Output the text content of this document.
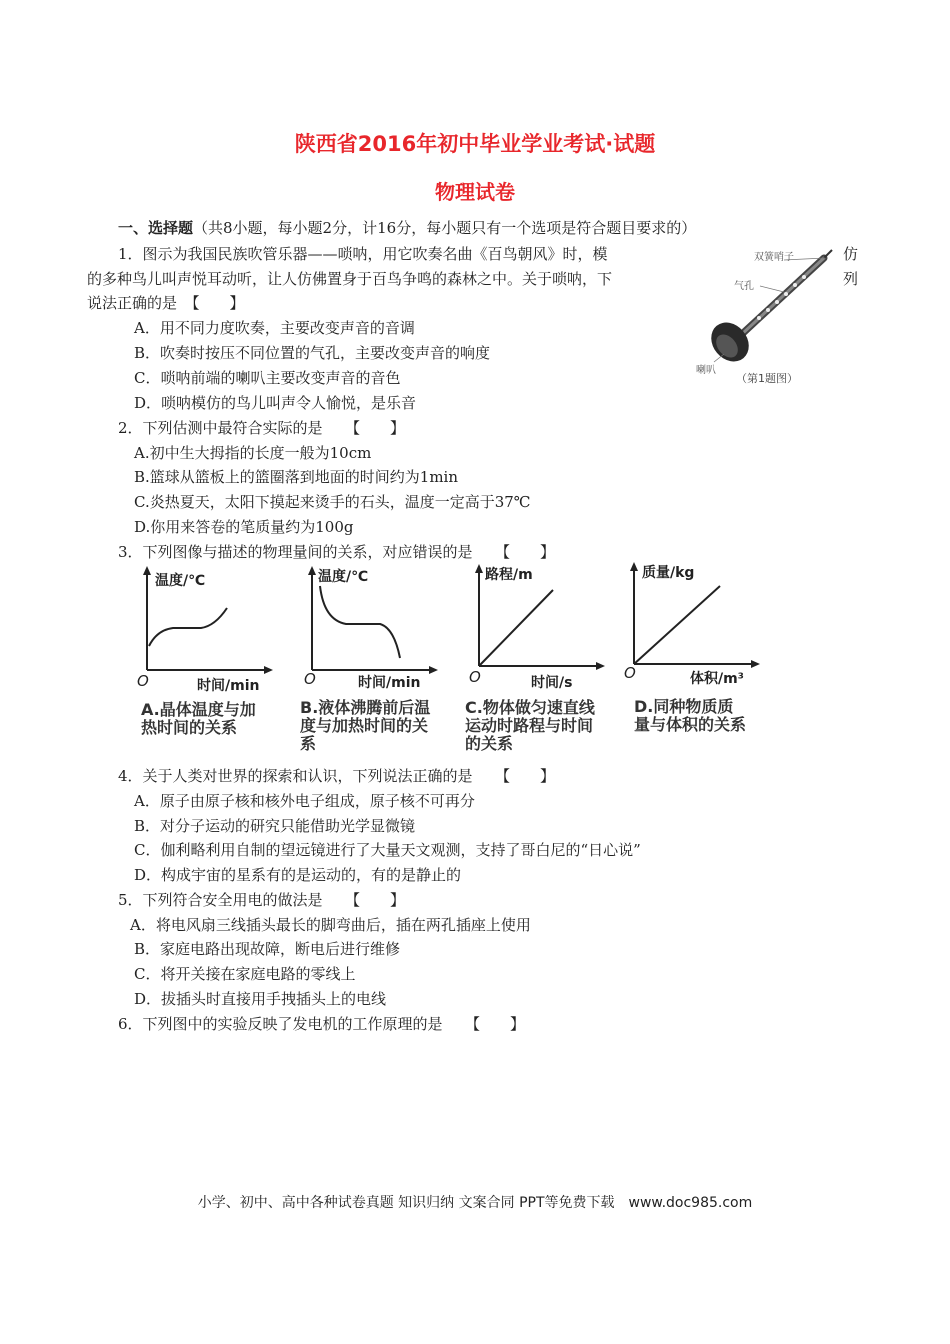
陕西省2016年初中毕业学业考试·试题
物理试卷
一、选择题（共8小题，每小题2分，计16分，每小题只有一个选项是符合题目要求的）
1．图示为我国民族吹管乐器——唢呐，用它吹奏名曲《百鸟朝风》时，模	仿
的多种鸟儿叫声悦耳动听，让人仿佛置身于百鸟争鸣的森林之中。关于唢呐，下	列
说法正确的是　【　　】
A．用不同力度吹奏，主要改变声音的音调
B．吹奏时按压不同位置的气孔，主要改变声音的响度
C．唢呐前端的喇叭主要改变声音的音色
D．唢呐模仿的鸟儿叫声令人愉悦，是乐音
双簧哨子
气孔
喇叭
（第1题图）
2．下列估测中最符合实际的是　　【　　】
A.初中生大拇指的长度一般为10cm
B.篮球从篮板上的篮圈落到地面的时间约为1min
C.炎热夏天，太阳下摸起来烫手的石头，温度一定高于37℃
D.你用来答卷的笔质量约为100g
3．下列图像与描述的物理量间的关系，对应错误的是　　【　　】
温度/℃
O	时间/min
A.晶体温度与加热时间的关系
温度/℃
O	时间/min
B.液体沸腾前后温度与加热时间的关系
路程/m
O	时间/s
C.物体做匀速直线运动时路程与时间的关系
质量/kg
O	体积/m³
D.同种物质质量与体积的关系
4．关于人类对世界的探索和认识，下列说法正确的是　　【　　】
A．原子由原子核和核外电子组成，原子核不可再分
B．对分子运动的研究只能借助光学显微镜
C．伽利略利用自制的望远镜进行了大量天文观测，支持了哥白尼的“日心说”
D．构成宇宙的星系有的是运动的，有的是静止的
5．下列符合安全用电的做法是　　【　　】
A．将电风扇三线插头最长的脚弯曲后，插在两孔插座上使用
B．家庭电路出现故障，断电后进行维修
C．将开关接在家庭电路的零线上
D．拔插头时直接用手拽插头上的电线
6．下列图中的实验反映了发电机的工作原理的是　　【　　】
小学、初中、高中各种试卷真题 知识归纳 文案合同 PPT等免费下载　www.doc985.com
